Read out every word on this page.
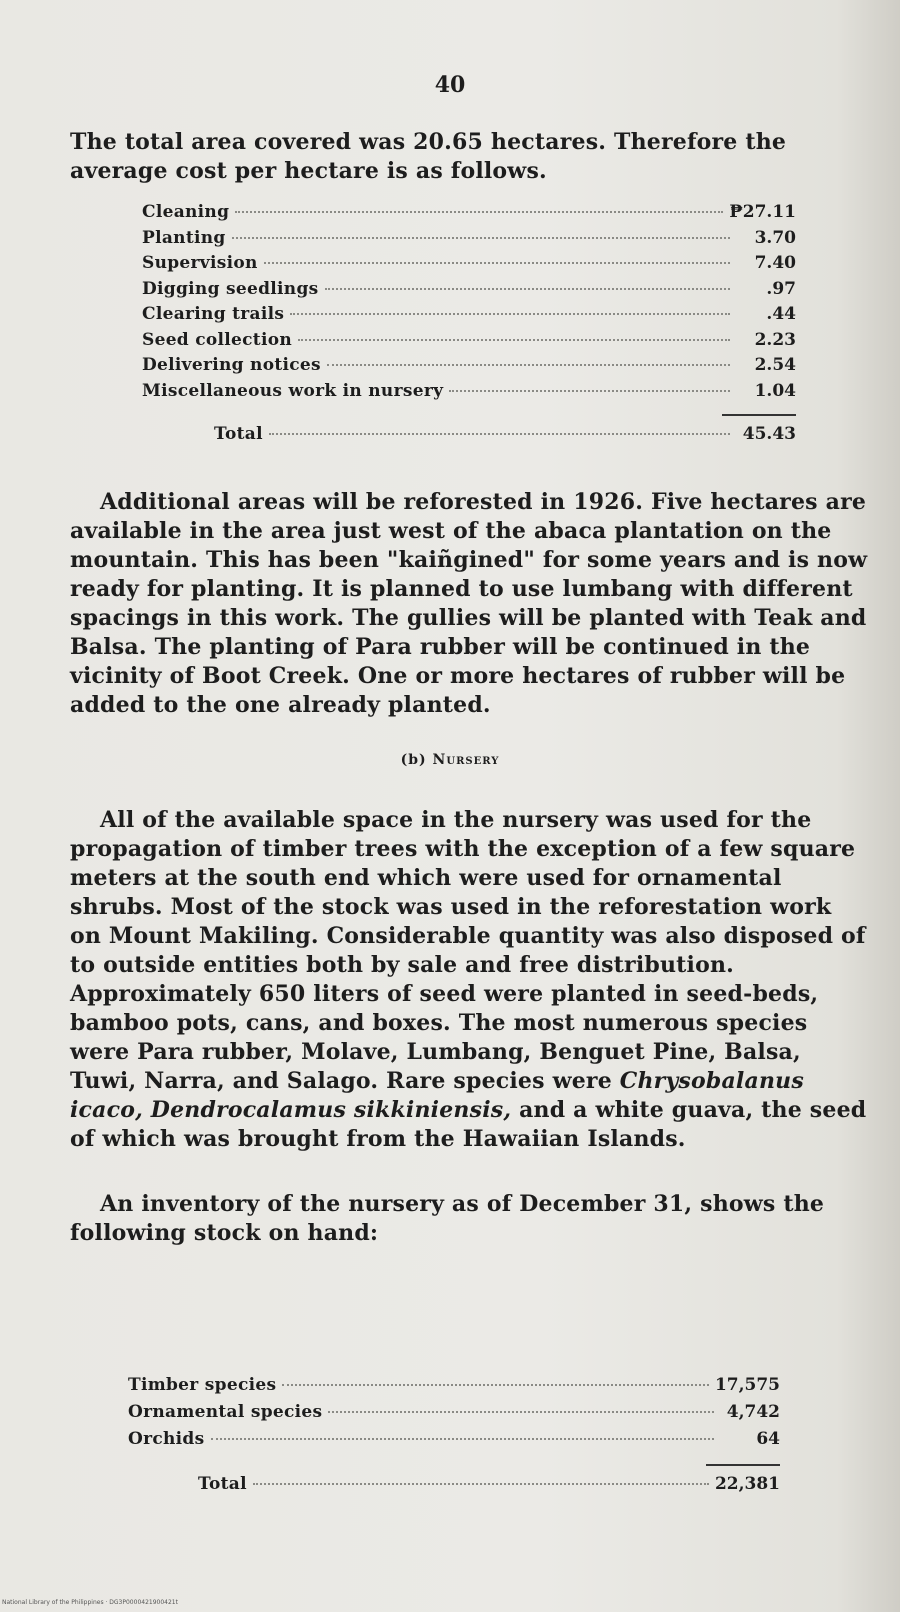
40

The total area covered was 20.65 hectares. Therefore the average cost per hectare is as follows.

Cleaning	₱27.11
Planting	3.70
Supervision	7.40
Digging seedlings	.97
Clearing trails	.44
Seed collection	2.23
Delivering notices	2.54
Miscellaneous work in nursery	1.04
Total	45.43

Additional areas will be reforested in 1926. Five hectares are available in the area just west of the abaca plantation on the mountain. This has been "kaiñgined" for some years and is now ready for planting. It is planned to use lumbang with different spacings in this work. The gullies will be planted with Teak and Balsa. The planting of Para rubber will be continued in the vicinity of Boot Creek. One or more hectares of rubber will be added to the one already planted.

(b) Nursery

All of the available space in the nursery was used for the propagation of timber trees with the exception of a few square meters at the south end which were used for ornamental shrubs. Most of the stock was used in the reforestation work on Mount Makiling. Considerable quantity was also disposed of to outside entities both by sale and free distribution. Approximately 650 liters of seed were planted in seed-beds, bamboo pots, cans, and boxes. The most numerous species were Para rubber, Molave, Lumbang, Benguet Pine, Balsa, Tuwi, Narra, and Salago. Rare species were Chrysobalanus icaco, Dendrocalamus sikkiniensis, and a white guava, the seed of which was brought from the Hawaiian Islands.

An inventory of the nursery as of December 31, shows the following stock on hand:

Timber species	17,575
Ornamental species	4,742
Orchids	64
Total	22,381
National Library of the Philippines · DG3P0000421900421t
